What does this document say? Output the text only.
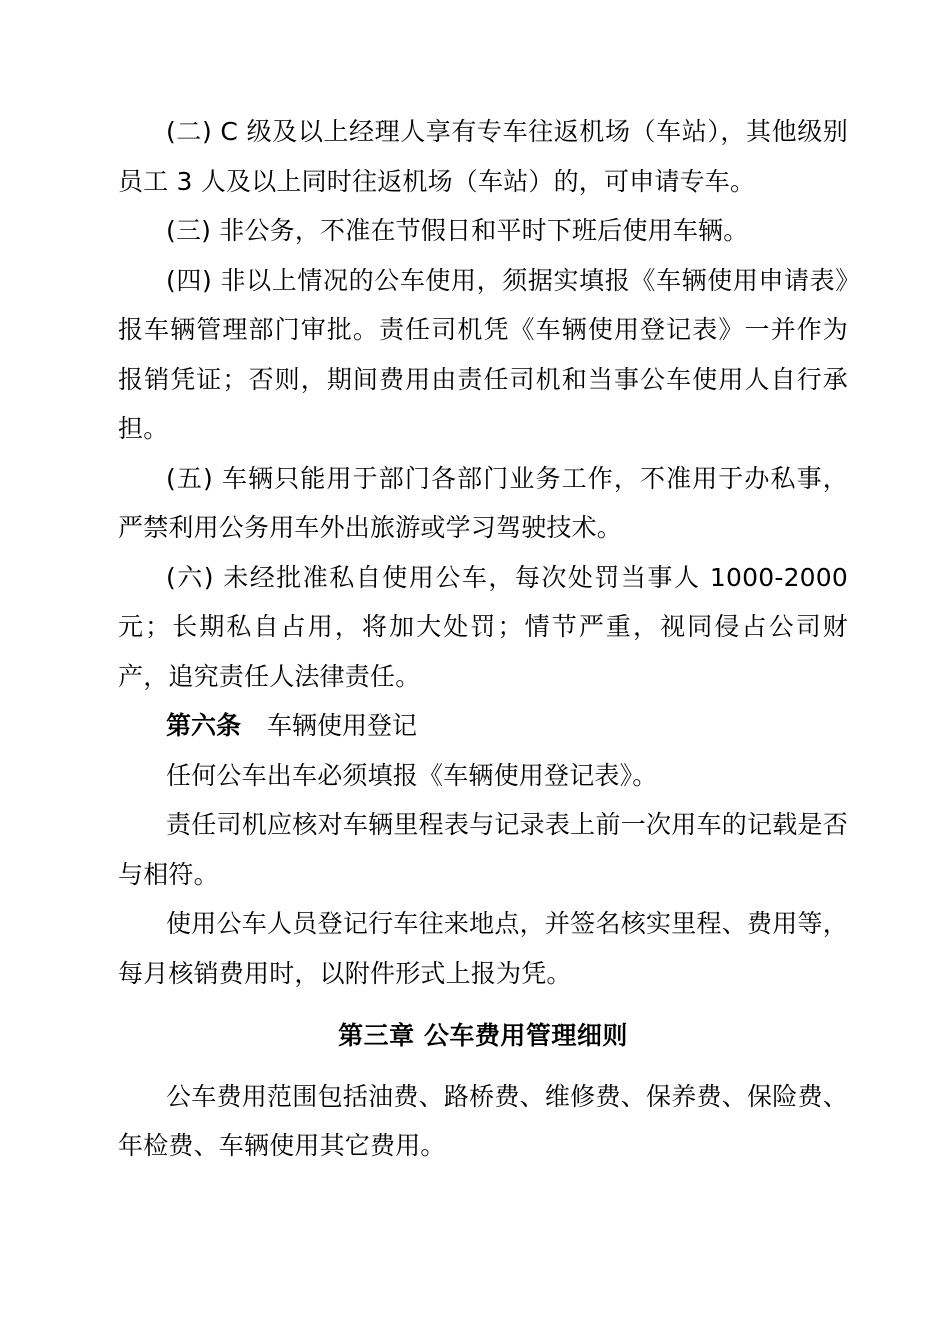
(二) C 级及以上经理人享有专车往返机场（车站），其他级别员工 3 人及以上同时往返机场（车站）的，可申请专车。

(三) 非公务，不准在节假日和平时下班后使用车辆。

(四) 非以上情况的公车使用，须据实填报《车辆使用申请表》报车辆管理部门审批。责任司机凭《车辆使用登记表》一并作为报销凭证；否则，期间费用由责任司机和当事公车使用人自行承担。

(五) 车辆只能用于部门各部门业务工作，不准用于办私事，严禁利用公务用车外出旅游或学习驾驶技术。

(六) 未经批准私自使用公车，每次处罚当事人 1000-2000 元；长期私自占用，将加大处罚；情节严重，视同侵占公司财产，追究责任人法律责任。

第六条 车辆使用登记

任何公车出车必须填报《车辆使用登记表》。

责任司机应核对车辆里程表与记录表上前一次用车的记载是否与相符。

使用公车人员登记行车往来地点，并签名核实里程、费用等，每月核销费用时，以附件形式上报为凭。

第三章 公车费用管理细则

公车费用范围包括油费、路桥费、维修费、保养费、保险费、年检费、车辆使用其它费用。
